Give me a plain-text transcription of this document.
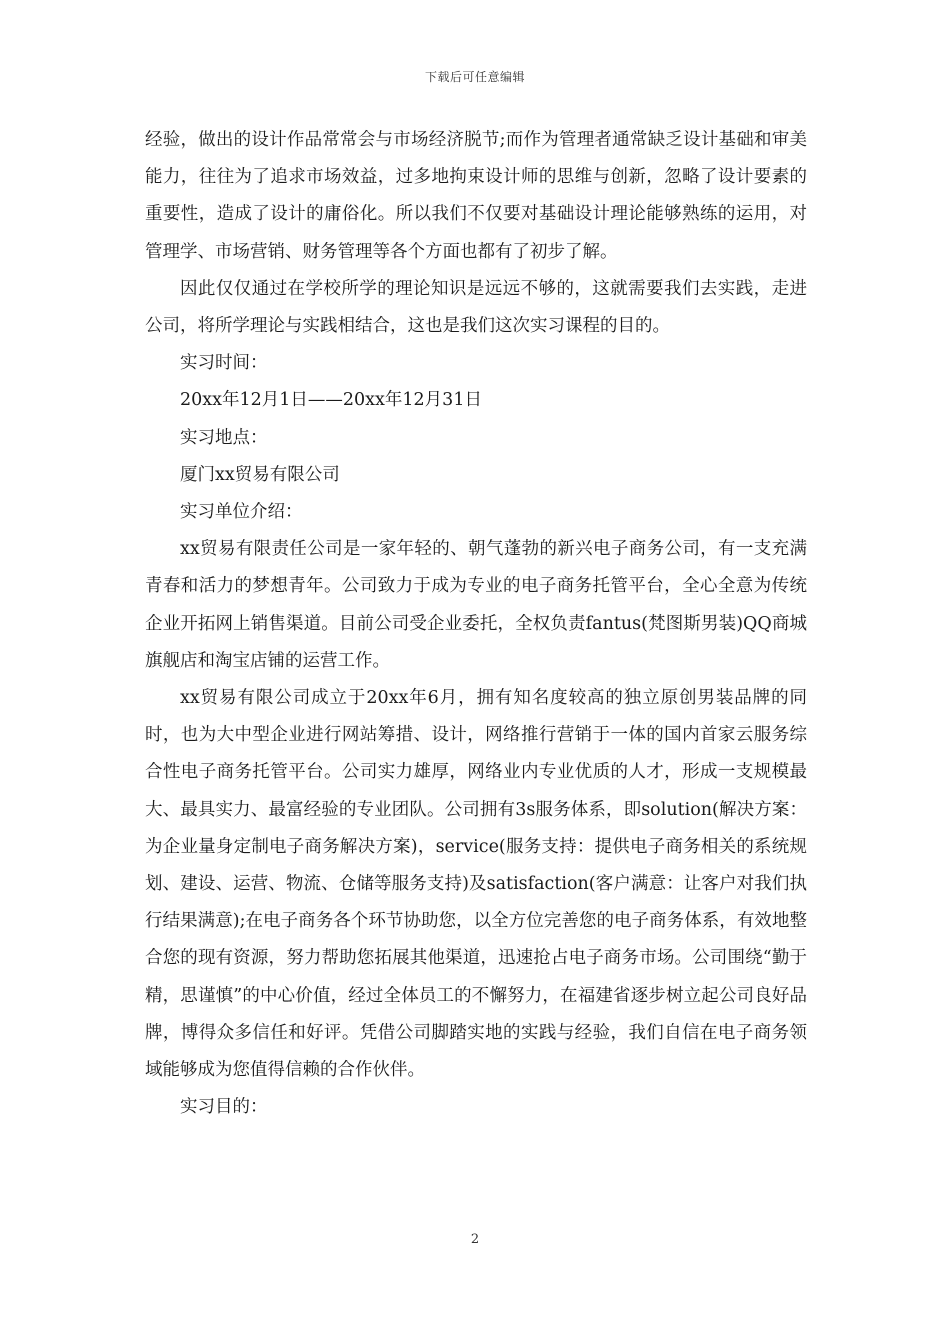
下载后可任意编辑

经验，做出的设计作品常常会与市场经济脱节;而作为管理者通常缺乏设计基础和审美能力，往往为了追求市场效益，过多地拘束设计师的思维与创新，忽略了设计要素的重要性，造成了设计的庸俗化。所以我们不仅要对基础设计理论能够熟练的运用，对管理学、市场营销、财务管理等各个方面也都有了初步了解。

因此仅仅通过在学校所学的理论知识是远远不够的，这就需要我们去实践，走进公司，将所学理论与实践相结合，这也是我们这次实习课程的目的。

实习时间：

20xx年12月1日——20xx年12月31日

实习地点：

厦门xx贸易有限公司

实习单位介绍：

xx贸易有限责任公司是一家年轻的、朝气蓬勃的新兴电子商务公司，有一支充满青春和活力的梦想青年。公司致力于成为专业的电子商务托管平台，全心全意为传统企业开拓网上销售渠道。目前公司受企业委托，全权负责fantus(梵图斯男装)QQ商城旗舰店和淘宝店铺的运营工作。

xx贸易有限公司成立于20xx年6月，拥有知名度较高的独立原创男装品牌的同时，也为大中型企业进行网站筹措、设计，网络推行营销于一体的国内首家云服务综合性电子商务托管平台。公司实力雄厚，网络业内专业优质的人才，形成一支规模最大、最具实力、最富经验的专业团队。公司拥有3s服务体系，即solution(解决方案：为企业量身定制电子商务解决方案)，service(服务支持：提供电子商务相关的系统规划、建设、运营、物流、仓储等服务支持)及satisfaction(客户满意：让客户对我们执行结果满意);在电子商务各个环节协助您，以全方位完善您的电子商务体系，有效地整合您的现有资源，努力帮助您拓展其他渠道，迅速抢占电子商务市场。公司围绕“勤于精，思谨慎”的中心价值，经过全体员工的不懈努力，在福建省逐步树立起公司良好品牌，博得众多信任和好评。凭借公司脚踏实地的实践与经验，我们自信在电子商务领域能够成为您值得信赖的合作伙伴。

实习目的：

2
